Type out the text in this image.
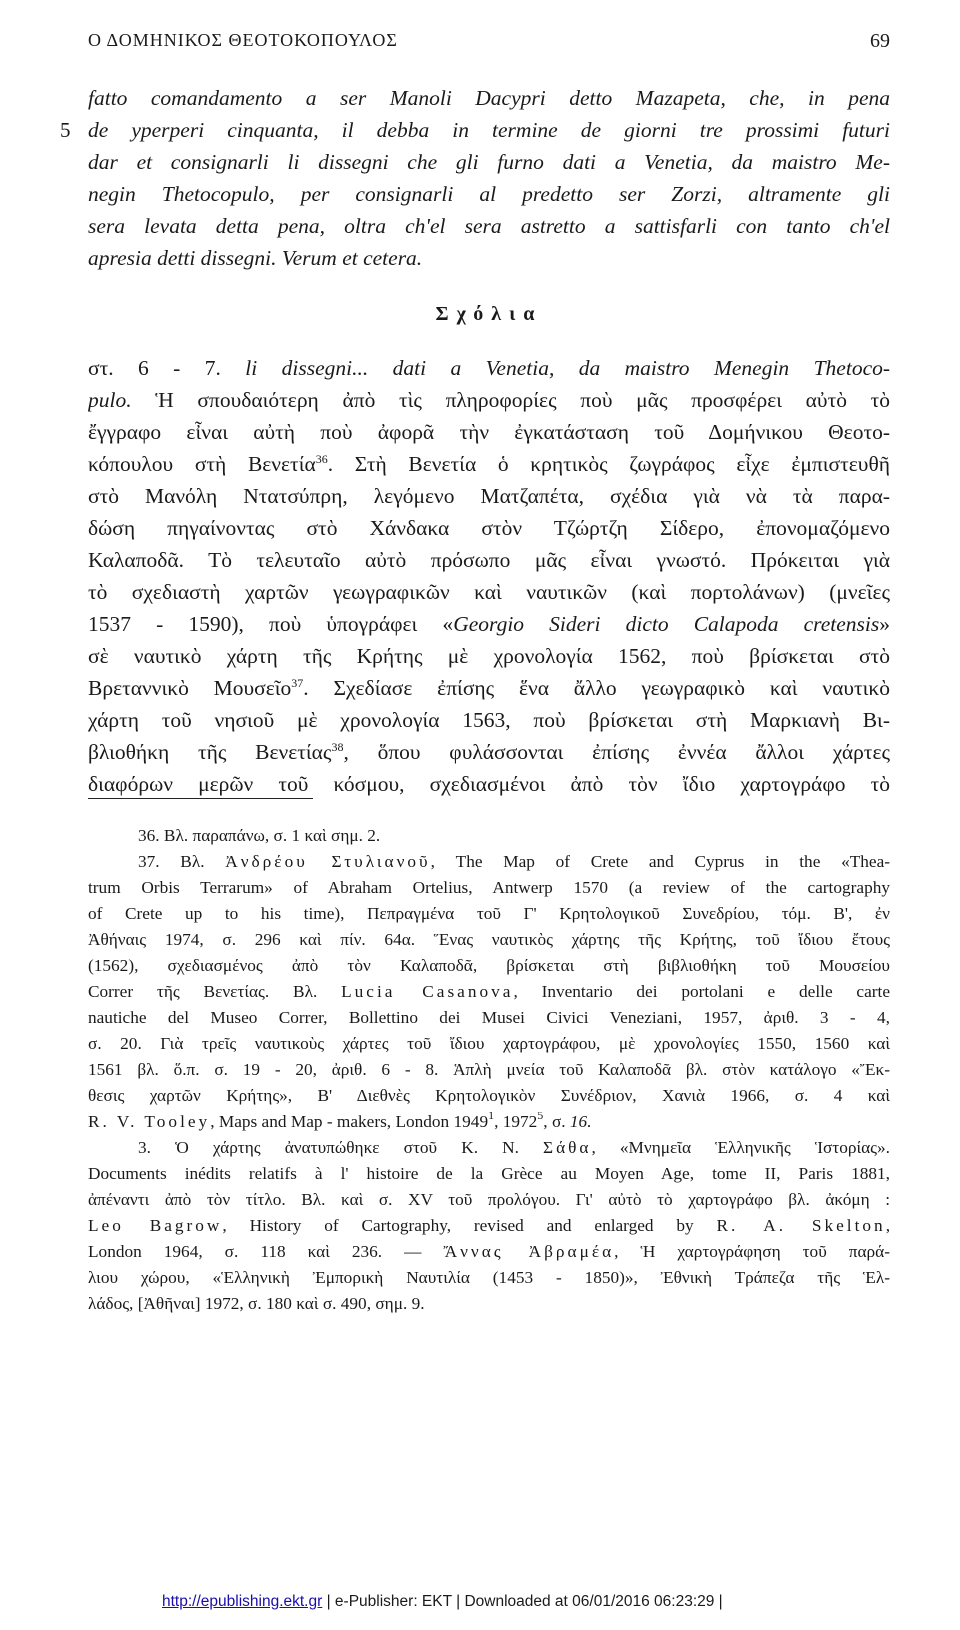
Ο ΔΟΜΗΝΙΚΟΣ ΘΕΟΤΟΚΟΠΟΥΛΟΣ	69
5
fatto comandamento a ser Manoli Dacypri detto Mazapeta, che, in pena
de yperperi cinquanta, il debba in termine de giorni tre prossimi futuri
dar et consignarli li dissegni che gli furno dati a Venetia, da maistro Me-
negin Thetocopulo, per consignarli al predetto ser Zorzi, altramente gli
sera levata detta pena, oltra ch'el sera astretto a sattisfarli con tanto ch'el
apresia detti dissegni. Verum et cetera.
Σχόλια
στ. 6 - 7. li dissegni... dati a Venetia, da maistro Menegin Thetoco-
pulo. Ἡ σπουδαιότερη ἀπὸ τὶς πληροφορίες ποὺ μᾶς προσφέρει αὐτὸ τὸ
ἔγγραφο εἶναι αὐτὴ ποὺ ἀφορᾶ τὴν ἐγκατάσταση τοῦ Δομήνικου Θεοτο-
κόπουλου στὴ Βενετία$^{36}$. Στὴ Βενετία ὁ κρητικὸς ζωγράφος εἶχε ἐμπιστευθῆ
στὸ Μανόλη Ντατσύπρη, λεγόμενο Ματζαπέτα, σχέδια γιὰ νὰ τὰ παρα-
δώση πηγαίνοντας στὸ Χάνδακα στὸν Τζώρτζη Σίδερο, ἐπονομαζόμενο
Καλαποδᾶ. Τὸ τελευταῖο αὐτὸ πρόσωπο μᾶς εἶναι γνωστό. Πρόκειται γιὰ
τὸ σχεδιαστὴ χαρτῶν γεωγραφικῶν καὶ ναυτικῶν (καὶ πορτολάνων) (μνεῖες
1537 - 1590), ποὺ ὑπογράφει «Georgio Sideri dicto Calapoda cretensis»
σὲ ναυτικὸ χάρτη τῆς Κρήτης μὲ χρονολογία 1562, ποὺ βρίσκεται στὸ
Βρεταννικὸ Μουσεῖο$^{37}$. Σχεδίασε ἐπίσης ἕνα ἄλλο γεωγραφικὸ καὶ ναυτικὸ
χάρτη τοῦ νησιοῦ μὲ χρονολογία 1563, ποὺ βρίσκεται στὴ Μαρκιανὴ Βι-
βλιοθήκη τῆς Βενετίας$^{38}$, ὅπου φυλάσσονται ἐπίσης ἐννέα ἄλλοι χάρτες
διαφόρων μερῶν τοῦ κόσμου, σχεδιασμένοι ἀπὸ τὸν ἴδιο χαρτογράφο τὸ
36. Βλ. παραπάνω, σ. 1 καὶ σημ. 2.
37. Βλ. Ἀνδρέου Στυλιανοῦ, The Map of Crete and Cyprus in the «Thea-
trum Orbis Terrarum» of Abraham Ortelius, Antwerp 1570 (a review of the cartography
of Crete up to his time), Πεπραγμένα τοῦ Γ' Κρητολογικοῦ Συνεδρίου, τόμ. Β', ἐν
Ἀθήναις 1974, σ. 296 καὶ πίν. 64α. Ἕνας ναυτικὸς χάρτης τῆς Κρήτης, τοῦ ἴδιου ἔτους
(1562), σχεδιασμένος ἀπὸ τὸν Καλαποδᾶ, βρίσκεται στὴ βιβλιοθήκη τοῦ Μουσείου
Correr τῆς Βενετίας. Βλ. Lucia Casanova, Inventario dei portolani e delle carte
nautiche del Museo Correr, Bollettino dei Musei Civici Veneziani, 1957, ἀριθ. 3 - 4,
σ. 20. Γιὰ τρεῖς ναυτικοὺς χάρτες τοῦ ἴδιου χαρτογράφου, μὲ χρονολογίες 1550, 1560 καὶ
1561 βλ. ὅ.π. σ. 19 - 20, ἀριθ. 6 - 8. Ἁπλὴ μνεία τοῦ Καλαποδᾶ βλ. στὸν κατάλογο «Ἔκ-
θεσις χαρτῶν Κρήτης», Β' Διεθνὲς Κρητολογικὸν Συνέδριον, Χανιὰ 1966, σ. 4 καὶ
R. V. Tooley, Maps and Map - makers, London 1949$^1$, 1972$^5$, σ. 16.
3. Ὁ χάρτης ἀνατυπώθηκε στοῦ Κ. Ν. Σάθα, «Μνημεῖα Ἑλληνικῆς Ἱστορίας».
Documents inédits relatifs à l' histoire de la Grèce au Moyen Age, tome II, Paris 1881,
ἀπέναντι ἀπὸ τὸν τίτλο. Βλ. καὶ σ. XV τοῦ προλόγου. Γι' αὐτὸ τὸ χαρτογράφο βλ. ἀκόμη :
Leo Bagrow, History of Cartography, revised and enlarged by R. A. Skelton,
London 1964, σ. 118 καὶ 236. — Ἄννας Ἀβραμέα, Ἡ χαρτογράφηση τοῦ παρά-
λιου χώρου, «Ἑλληνικὴ Ἐμπορικὴ Ναυτιλία (1453 - 1850)», Ἐθνικὴ Τράπεζα τῆς Ἑλ-
λάδος, [Ἀθῆναι] 1972, σ. 180 καὶ σ. 490, σημ. 9.
http://epublishing.ekt.gr | e-Publisher: EKT | Downloaded at 06/01/2016 06:23:29 |
